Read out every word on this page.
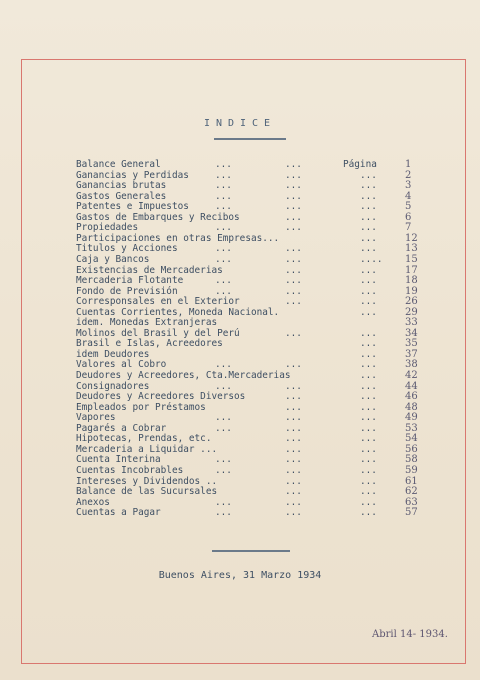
INDICE
Balance General	...	...	Página	1
Ganancias y Perdidas	...	...	...	2
Ganancias brutas	...	...	...	3
Gastos Generales	...	...	...	4
Patentes e Impuestos	...	...	...	5
Gastos de Embarques y Recibos	...	...	6
Propiedades	...	...	...	7
Participaciones en otras Empresas...	...	12
Titulos y Acciones	...	...	...	13
Caja y Bancos	...	...	.... 15
Existencias de Mercaderias	...	...	17
Mercaderia Flotante	...	...	...	18
Fondo de Previsión	...	...	...	19
Corresponsales en el Exterior	...	...	26
Cuentas Corrientes, Moneda Nacional.	...	29
idem. Monedas Extranjeras	33
Molinos del Brasil y del Perú	...	...	34
Brasil e Islas, Acreedores	...	35
idem Deudores	...	37
Valores al Cobro	...	...	...	38
Deudores y Acreedores, Cta.Mercaderias	...	42
Consignadores	...	...	...	44
Deudores y Acreedores Diversos	...	...	46
Empleados por Préstamos	...	...	48
Vapores	...	...	...	49
Pagarés a Cobrar	...	...	...	53
Hipotecas, Prendas, etc.	...	...	54
Mercaderia a Liquidar ...	...	...	56
Cuenta Interina	...	...	...	58
Cuentas Incobrables	...	...	...	59
Intereses y Dividendos ..	...	...	61
Balance de las Sucursales	...	...	62
Anexos	...	...	...	63
Cuentas a Pagar	...	...	...	57
Buenos Aires, 31 Marzo 1934
Abril 14- 1934.
